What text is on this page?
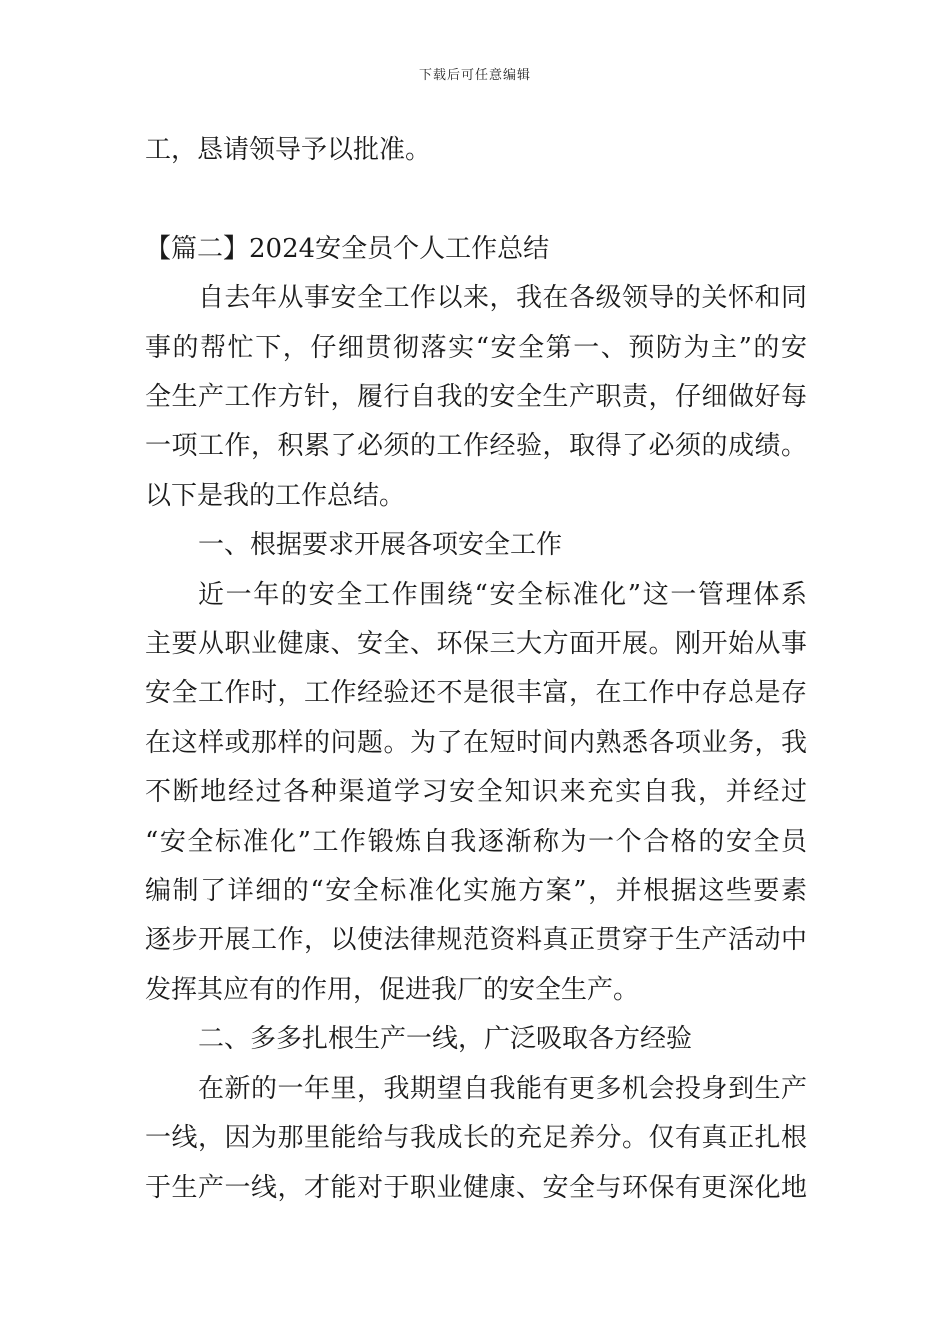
下载后可任意编辑
工，恳请领导予以批准。
【篇二】2024安全员个人工作总结
自去年从事安全工作以来，我在各级领导的关怀和同
事的帮忙下，仔细贯彻落实“安全第一、预防为主”的安
全生产工作方针，履行自我的安全生产职责，仔细做好每
一项工作，积累了必须的工作经验，取得了必须的成绩。
以下是我的工作总结。
一、根据要求开展各项安全工作
近一年的安全工作围绕“安全标准化”这一管理体系
主要从职业健康、安全、环保三大方面开展。刚开始从事
安全工作时，工作经验还不是很丰富，在工作中存总是存
在这样或那样的问题。为了在短时间内熟悉各项业务，我
不断地经过各种渠道学习安全知识来充实自我，并经过
“安全标准化”工作锻炼自我逐渐称为一个合格的安全员
编制了详细的“安全标准化实施方案”，并根据这些要素
逐步开展工作，以使法律规范资料真正贯穿于生产活动中
发挥其应有的作用，促进我厂的安全生产。
二、多多扎根生产一线，广泛吸取各方经验
在新的一年里，我期望自我能有更多机会投身到生产
一线，因为那里能给与我成长的充足养分。仅有真正扎根
于生产一线，才能对于职业健康、安全与环保有更深化地
